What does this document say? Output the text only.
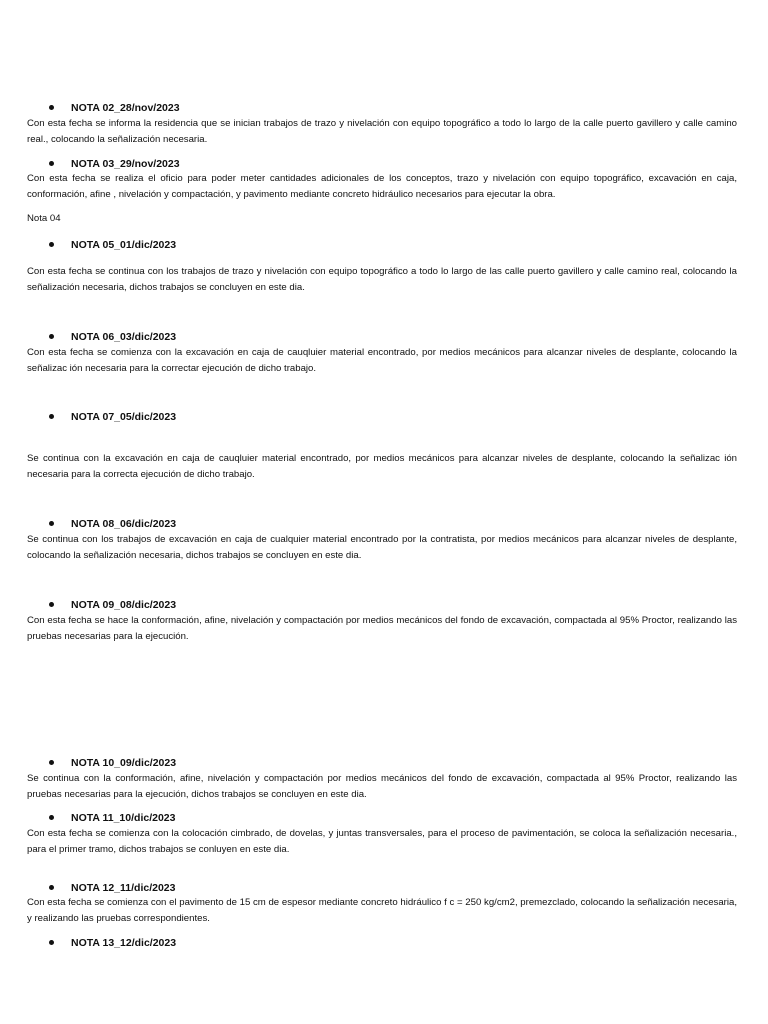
NOTA 02_28/nov/2023
Con esta fecha se informa la residencia que se inician trabajos de trazo y nivelación con equipo topográfico a todo lo largo de la calle puerto gavillero y calle camino real., colocando la señalización necesaria.
NOTA 03_29/nov/2023
Con esta fecha se realiza el oficio para poder meter cantidades adicionales de los conceptos, trazo y nivelación con equipo topográfico, excavación en caja, conformación, afine , nivelación y compactación, y pavimento mediante concreto hidráulico necesarios para ejecutar la obra.
Nota 04
NOTA 05_01/dic/2023
Con esta fecha se continua con los trabajos de trazo y nivelación con equipo topográfico a todo lo largo de las calle puerto gavillero y calle camino real, colocando la señalización necesaria, dichos trabajos se concluyen en este dia.
NOTA 06_03/dic/2023
Con esta fecha se comienza con la excavación en caja de cauqluier material encontrado, por medios mecánicos para alcanzar niveles de desplante, colocando la señalizac ión necesaria para la correctar ejecución de dicho trabajo.
NOTA 07_05/dic/2023
Se continua con la excavación en caja de cauqluier material encontrado, por medios mecánicos para alcanzar niveles de desplante, colocando la señalizac ión necesaria para la correcta ejecución de dicho trabajo.
NOTA 08_06/dic/2023
Se continua con los trabajos de excavación en caja de cualquier material encontrado por la contratista, por medios mecánicos para alcanzar niveles de desplante, colocando la señalización necesaria, dichos trabajos se concluyen en este dia.
NOTA 09_08/dic/2023
Con esta fecha se hace la conformación, afine, nivelación y compactación por medios mecánicos del fondo de excavación, compactada al 95% Proctor, realizando las pruebas necesarias para la ejecución.
NOTA 10_09/dic/2023
Se continua con la conformación, afine, nivelación y compactación por medios mecánicos del fondo de excavación, compactada al 95% Proctor, realizando las pruebas necesarias para la ejecución, dichos trabajos se concluyen en este dia.
NOTA 11_10/dic/2023
Con esta fecha se comienza con la colocación cimbrado, de dovelas, y juntas transversales, para el proceso de pavimentación, se coloca la señalización necesaria., para el primer tramo, dichos trabajos se conluyen en este dia.
NOTA 12_11/dic/2023
Con esta fecha se comienza con el pavimento de 15 cm de espesor mediante concreto hidráulico f c = 250 kg/cm2, premezclado, colocando la señalización necesaria, y realizando las pruebas correspondientes.
NOTA 13_12/dic/2023
